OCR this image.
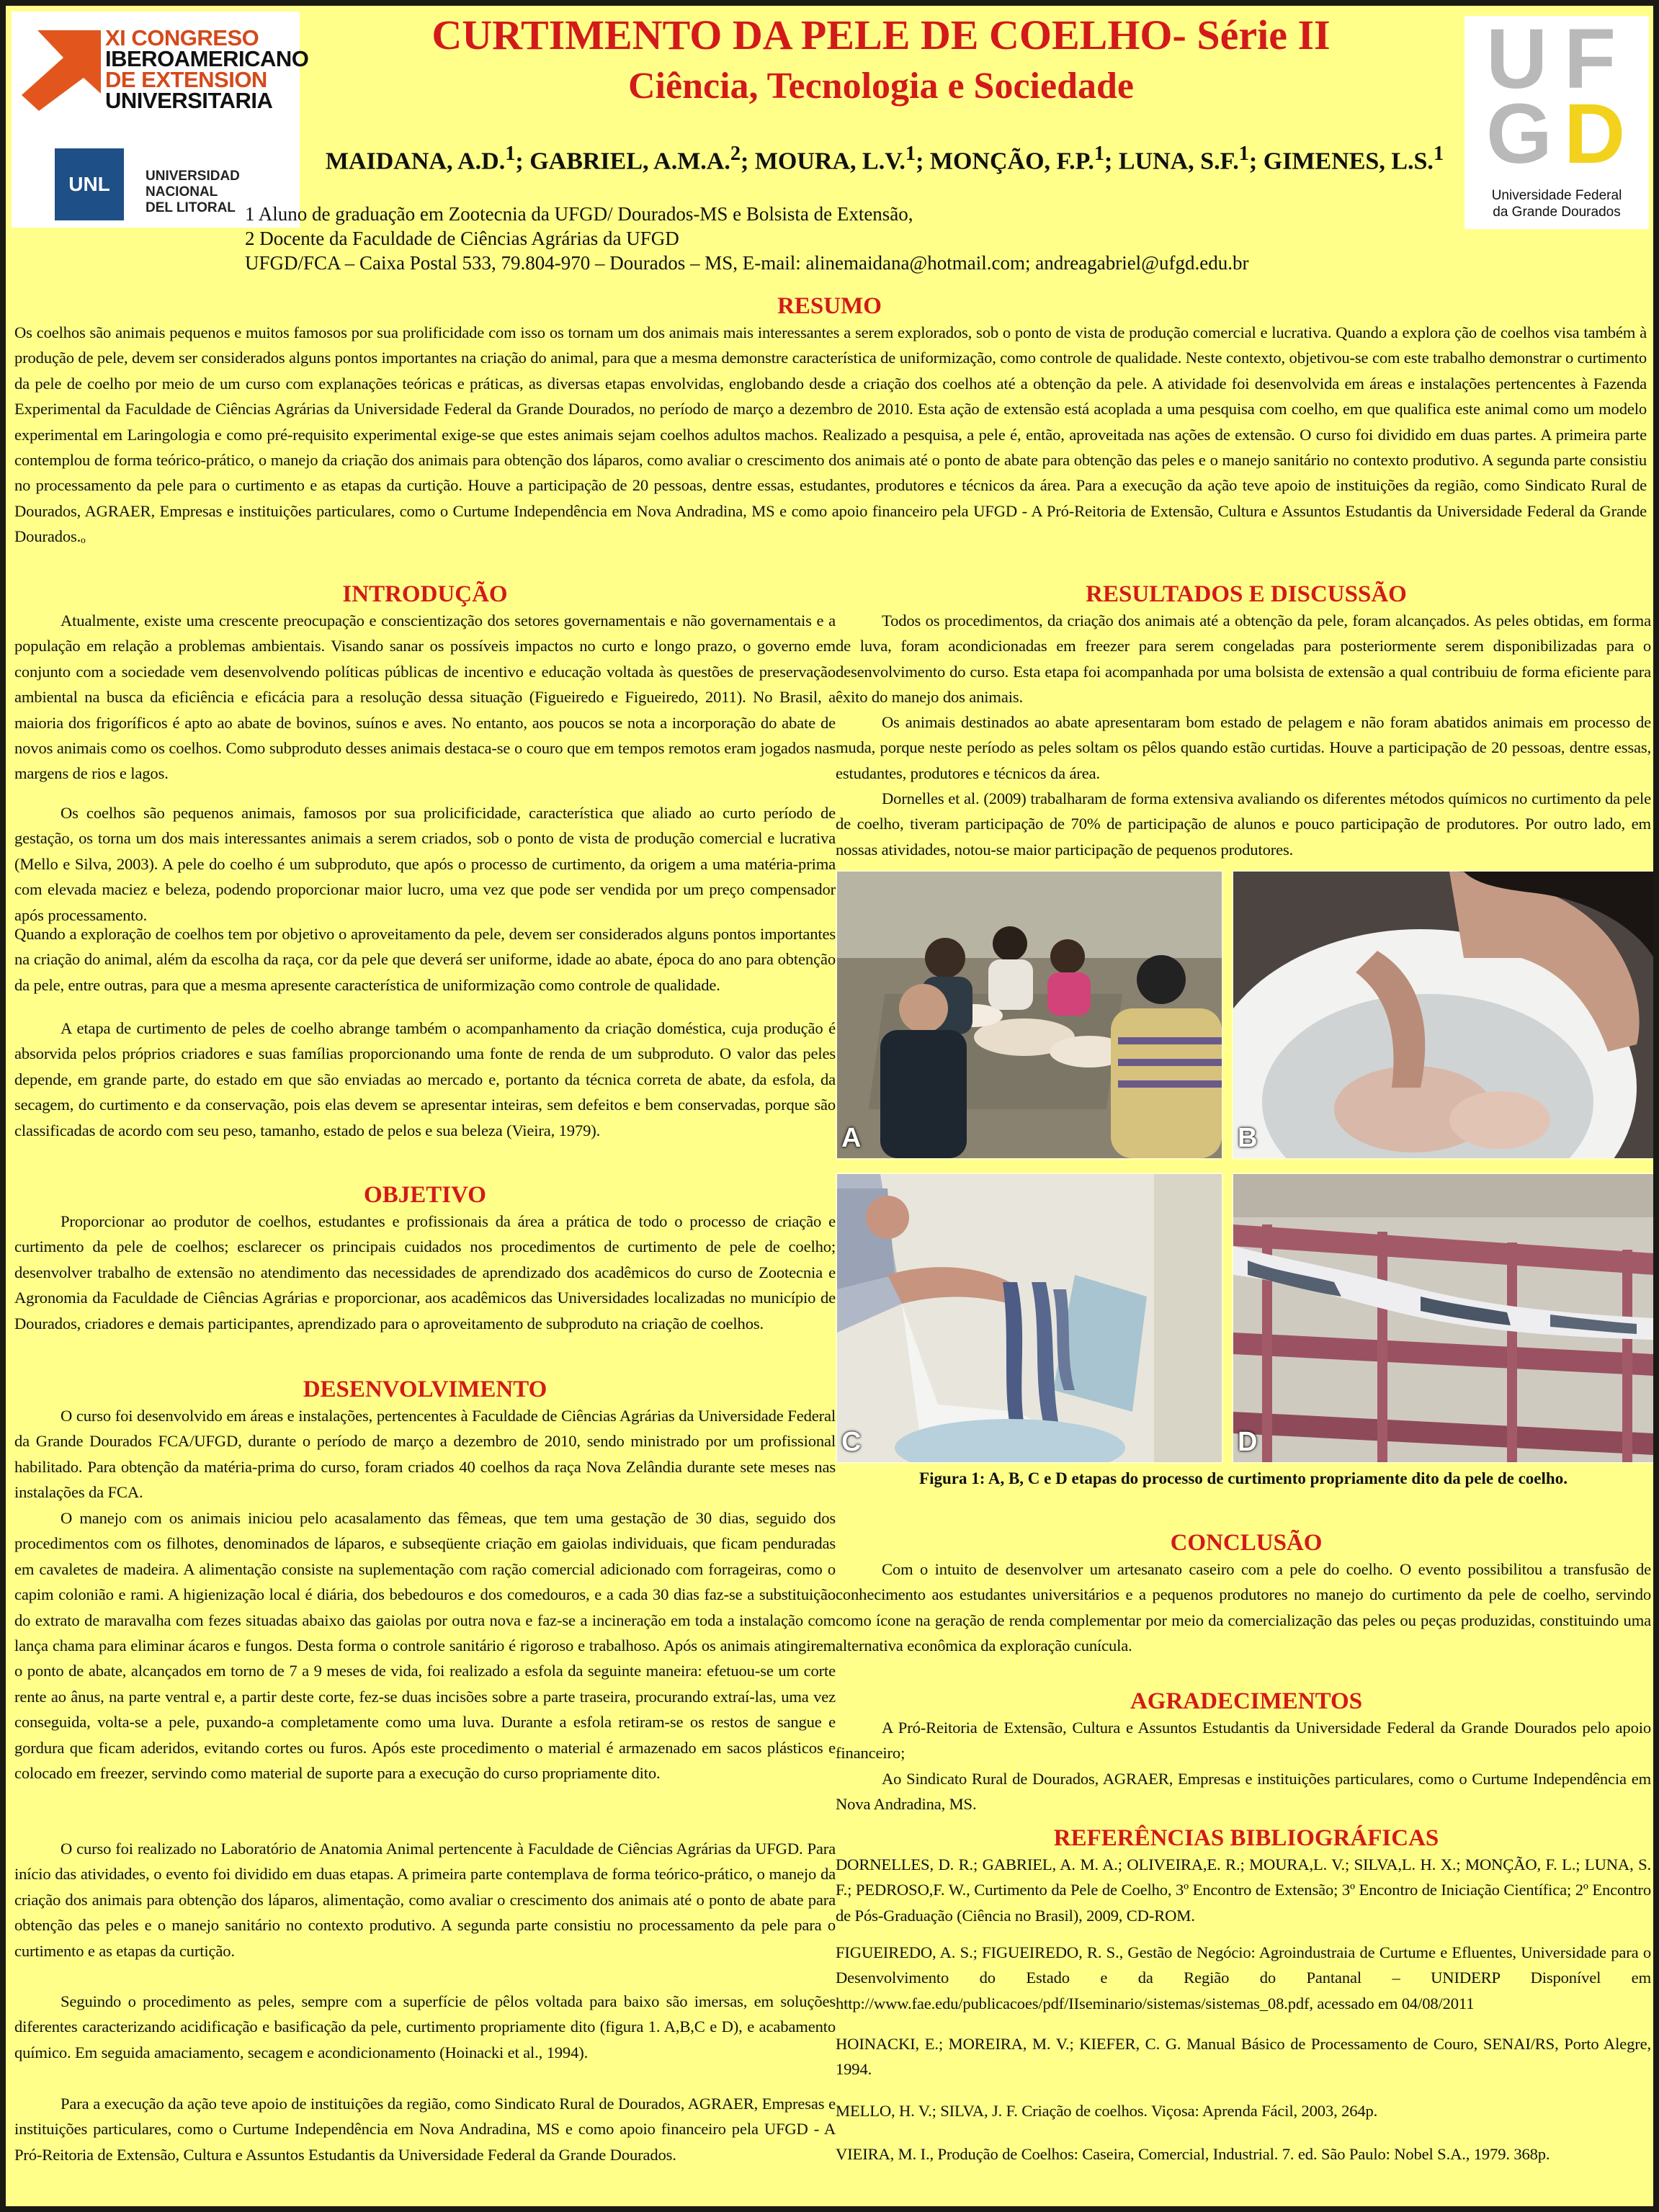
XI CONGRESO
IBEROAMERICANO
DE EXTENSION
UNIVERSITARIA
UNL	UNIVERSIDAD NACIONAL
DEL LITORAL
U F
G D
Universidade Federal
da Grande Dourados
CURTIMENTO DA PELE DE COELHO- Série II
Ciência, Tecnologia e Sociedade
MAIDANA, A.D.$^1$; GABRIEL, A.M.A.$^2$; MOURA, L.V.$^1$; MONÇÃO, F.P.$^1$; LUNA, S.F.$^1$; GIMENES, L.S.$^1$
1 Aluno de graduação em Zootecnia da UFGD/ Dourados-MS e Bolsista de Extensão,
2 Docente da Faculdade de Ciências Agrárias da UFGD
UFGD/FCA – Caixa Postal 533, 79.804-970 – Dourados – MS, E-mail: alinemaidana@hotmail.com; andreagabriel@ufgd.edu.br
RESUMO

Os coelhos são animais pequenos e muitos famosos por sua prolificidade com isso os tornam um dos animais mais interessantes a serem explorados, sob o ponto de vista de produção comercial e lucrativa. Quando a explora ção de coelhos visa também à produção de pele, devem ser considerados alguns pontos importantes na criação do animal, para que a mesma demonstre característica de uniformização, como controle de qualidade. Neste contexto, objetivou-se com este trabalho demonstrar o curtimento da pele de coelho por meio de um curso com explanações teóricas e práticas, as diversas etapas envolvidas, englobando desde a criação dos coelhos até a obtenção da pele. A atividade foi desenvolvida em áreas e instalações pertencentes à Fazenda Experimental da Faculdade de Ciências Agrárias da Universidade Federal da Grande Dourados, no período de março a dezembro de 2010. Esta ação de extensão está acoplada a uma pesquisa com coelho, em que qualifica este animal como um modelo experimental em Laringologia e como pré-requisito experimental exige-se que estes animais sejam coelhos adultos machos. Realizado a pesquisa, a pele é, então, aproveitada nas ações de extensão. O curso foi dividido em duas partes. A primeira parte contemplou de forma teórico-prático, o manejo da criação dos animais para obtenção dos láparos, como avaliar o crescimento dos animais até o ponto de abate para obtenção das peles e o manejo sanitário no contexto produtivo. A segunda parte consistiu no processamento da pele para o curtimento e as etapas da curtição. Houve a participação de 20 pessoas, dentre essas, estudantes, produtores e técnicos da área. Para a execução da ação teve apoio de instituições da região, como Sindicato Rural de Dourados, AGRAER, Empresas e instituições particulares, como o Curtume Independência em Nova Andradina, MS e como apoio financeiro pela UFGD - A Pró-Reitoria de Extensão, Cultura e Assuntos Estudantis da Universidade Federal da Grande Dourados.ₒ

INTRODUÇÃO

Atualmente, existe uma crescente preocupação e conscientização dos setores governamentais e não governamentais e a população em relação a problemas ambientais. Visando sanar os possíveis impactos no curto e longo prazo, o governo em conjunto com a sociedade vem desenvolvendo políticas públicas de incentivo e educação voltada às questões de preservação ambiental na busca da eficiência e eficácia para a resolução dessa situação (Figueiredo e Figueiredo, 2011). No Brasil, a maioria dos frigoríficos é apto ao abate de bovinos, suínos e aves. No entanto, aos poucos se nota a incorporação do abate de novos animais como os coelhos. Como subproduto desses animais destaca-se o couro que em tempos remotos eram jogados nas margens de rios e lagos.

Os coelhos são pequenos animais, famosos por sua prolicificidade, característica que aliado ao curto período de gestação, os torna um dos mais interessantes animais a serem criados, sob o ponto de vista de produção comercial e lucrativa (Mello e Silva, 2003). A pele do coelho é um subproduto, que após o processo de curtimento, da origem a uma matéria-prima com elevada maciez e beleza, podendo proporcionar maior lucro, uma vez que pode ser vendida por um preço compensador após processamento.

Quando a exploração de coelhos tem por objetivo o aproveitamento da pele, devem ser considerados alguns pontos importantes na criação do animal, além da escolha da raça, cor da pele que deverá ser uniforme, idade ao abate, época do ano para obtenção da pele, entre outras, para que a mesma apresente característica de uniformização como controle de qualidade.

A etapa de curtimento de peles de coelho abrange também o acompanhamento da criação doméstica, cuja produção é absorvida pelos próprios criadores e suas famílias proporcionando uma fonte de renda de um subproduto. O valor das peles depende, em grande parte, do estado em que são enviadas ao mercado e, portanto da técnica correta de abate, da esfola, da secagem, do curtimento e da conservação, pois elas devem se apresentar inteiras, sem defeitos e bem conservadas, porque são classificadas de acordo com seu peso, tamanho, estado de pelos e sua beleza (Vieira, 1979).

OBJETIVO

Proporcionar ao produtor de coelhos, estudantes e profissionais da área a prática de todo o processo de criação e curtimento da pele de coelhos; esclarecer os principais cuidados nos procedimentos de curtimento de pele de coelho; desenvolver trabalho de extensão no atendimento das necessidades de aprendizado dos acadêmicos do curso de Zootecnia e Agronomia da Faculdade de Ciências Agrárias e proporcionar, aos acadêmicos das Universidades localizadas no município de Dourados, criadores e demais participantes, aprendizado para o aproveitamento de subproduto na criação de coelhos.

DESENVOLVIMENTO

O curso foi desenvolvido em áreas e instalações, pertencentes à Faculdade de Ciências Agrárias da Universidade Federal da Grande Dourados FCA/UFGD, durante o período de março a dezembro de 2010, sendo ministrado por um profissional habilitado. Para obtenção da matéria-prima do curso, foram criados 40 coelhos da raça Nova Zelândia durante sete meses nas instalações da FCA.

O manejo com os animais iniciou pelo acasalamento das fêmeas, que tem uma gestação de 30 dias, seguido dos procedimentos com os filhotes, denominados de láparos, e subseqüente criação em gaiolas individuais, que ficam penduradas em cavaletes de madeira. A alimentação consiste na suplementação com ração comercial adicionado com forrageiras, como o capim colonião e rami. A higienização local é diária, dos bebedouros e dos comedouros, e a cada 30 dias faz-se a substituição do extrato de maravalha com fezes situadas abaixo das gaiolas por outra nova e faz-se a incineração em toda a instalação com lança chama para eliminar ácaros e fungos. Desta forma o controle sanitário é rigoroso e trabalhoso. Após os animais atingirem o ponto de abate, alcançados em torno de 7 a 9 meses de vida, foi realizado a esfola da seguinte maneira: efetuou-se um corte rente ao ânus, na parte ventral e, a partir deste corte, fez-se duas incisões sobre a parte traseira, procurando extraí-las, uma vez conseguida, volta-se a pele, puxando-a completamente como uma luva. Durante a esfola retiram-se os restos de sangue e gordura que ficam aderidos, evitando cortes ou furos. Após este procedimento o material é armazenado em sacos plásticos e colocado em freezer, servindo como material de suporte para a execução do curso propriamente dito.

O curso foi realizado no Laboratório de Anatomia Animal pertencente à Faculdade de Ciências Agrárias da UFGD. Para início das atividades, o evento foi dividido em duas etapas. A primeira parte contemplava de forma teórico-prático, o manejo da criação dos animais para obtenção dos láparos, alimentação, como avaliar o crescimento dos animais até o ponto de abate para obtenção das peles e o manejo sanitário no contexto produtivo. A segunda parte consistiu no processamento da pele para o curtimento e as etapas da curtição.

Seguindo o procedimento as peles, sempre com a superfície de pêlos voltada para baixo são imersas, em soluções diferentes caracterizando acidificação e basificação da pele, curtimento propriamente dito (figura 1. A,B,C e D), e acabamento químico. Em seguida amaciamento, secagem e acondicionamento (Hoinacki et al., 1994).

Para a execução da ação teve apoio de instituições da região, como Sindicato Rural de Dourados, AGRAER, Empresas e instituições particulares, como o Curtume Independência em Nova Andradina, MS e como apoio financeiro pela UFGD - A Pró-Reitoria de Extensão, Cultura e Assuntos Estudantis da Universidade Federal da Grande Dourados.

RESULTADOS E DISCUSSÃO

Todos os procedimentos, da criação dos animais até a obtenção da pele, foram alcançados. As peles obtidas, em forma de luva, foram acondicionadas em freezer para serem congeladas para posteriormente serem disponibilizadas para o desenvolvimento do curso. Esta etapa foi acompanhada por uma bolsista de extensão a qual contribuiu de forma eficiente para êxito do manejo dos animais.

Os animais destinados ao abate apresentaram bom estado de pelagem e não foram abatidos animais em processo de muda, porque neste período as peles soltam os pêlos quando estão curtidas. Houve a participação de 20 pessoas, dentre essas, estudantes, produtores e técnicos da área.

Dornelles et al. (2009) trabalharam de forma extensiva avaliando os diferentes métodos químicos no curtimento da pele de coelho, tiveram participação de 70% de participação de alunos e pouco participação de produtores. Por outro lado, em nossas atividades, notou-se maior participação de pequenos produtores.

A	B
C	D
Figura 1: A, B, C e D etapas do processo de curtimento propriamente dito da pele de coelho.
CONCLUSÃO

Com o intuito de desenvolver um artesanato caseiro com a pele do coelho. O evento possibilitou a transfusão de conhecimento aos estudantes universitários e a pequenos produtores no manejo do curtimento da pele de coelho, servindo como ícone na geração de renda complementar por meio da comercialização das peles ou peças produzidas, constituindo uma alternativa econômica da exploração cunícula.

AGRADECIMENTOS

A Pró-Reitoria de Extensão, Cultura e Assuntos Estudantis da Universidade Federal da Grande Dourados pelo apoio financeiro;

Ao Sindicato Rural de Dourados, AGRAER, Empresas e instituições particulares, como o Curtume Independência em Nova Andradina, MS.

REFERÊNCIAS BIBLIOGRÁFICAS

DORNELLES, D. R.; GABRIEL, A. M. A.; OLIVEIRA,E. R.; MOURA,L. V.; SILVA,L. H. X.; MONÇÃO, F. L.; LUNA, S. F.; PEDROSO,F. W., Curtimento da Pele de Coelho, 3º Encontro de Extensão; 3º Encontro de Iniciação Científica; 2º Encontro de Pós-Graduação (Ciência no Brasil), 2009, CD-ROM.

FIGUEIREDO, A. S.; FIGUEIREDO, R. S., Gestão de Negócio: Agroindustraia de Curtume e Efluentes, Universidade para o Desenvolvimento do Estado e da Região do Pantanal – UNIDERP Disponível em http://www.fae.edu/publicacoes/pdf/IIseminario/sistemas/sistemas_08.pdf, acessado em 04/08/2011

HOINACKI, E.; MOREIRA, M. V.; KIEFER, C. G. Manual Básico de Processamento de Couro, SENAI/RS, Porto Alegre, 1994.

MELLO, H. V.; SILVA, J. F. Criação de coelhos. Viçosa: Aprenda Fácil, 2003, 264p.

VIEIRA, M. I., Produção de Coelhos: Caseira, Comercial, Industrial. 7. ed. São Paulo: Nobel S.A., 1979. 368p.
